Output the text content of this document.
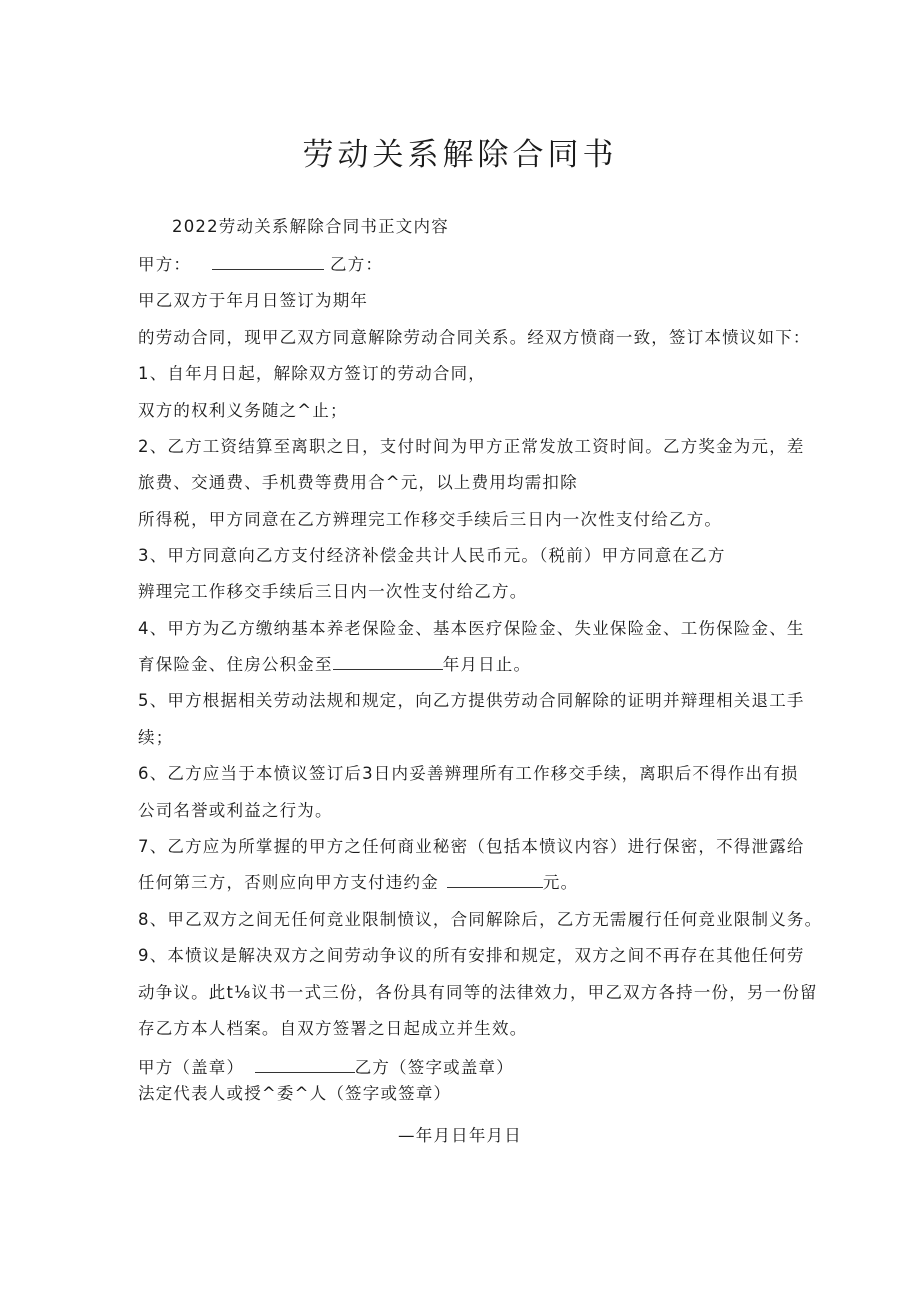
劳动关系解除合同书
2022劳动关系解除合同书正文内容
甲方：	乙方：
甲乙双方于年月日签订为期年
的劳动合同，现甲乙双方同意解除劳动合同关系。经双方愤商一致，签订本愤议如下：
1、自年月日起，解除双方签订的劳动合同，
双方的权利义务随之^止；
2、乙方工资结算至离职之日，支付时间为甲方正常发放工资时间。乙方奖金为元，差
旅费、交通费、手机费等费用合^元，以上费用均需扣除
所得税，甲方同意在乙方辨理完工作移交手续后三日内一次性支付给乙方。
3、甲方同意向乙方支付经济补偿金共计人民币元。（税前）甲方同意在乙方
辨理完工作移交手续后三日内一次性支付给乙方。
4、甲方为乙方缴纳基本养老保险金、基本医疗保险金、失业保险金、工伤保险金、生
育保险金、住房公积金至	年月日止。
5、甲方根据相关劳动法规和规定，向乙方提供劳动合同解除的证明并辩理相关退工手
续；
6、乙方应当于本愤议签订后3日内妥善辨理所有工作移交手续，离职后不得作出有损
公司名誉或利益之行为。
7、乙方应为所掌握的甲方之任何商业秘密（包括本愤议内容）进行保密，不得泄露给
任何第三方，否则应向甲方支付违约金	元。
8、甲乙双方之间无任何竞业限制愤议，合同解除后，乙方无需履行任何竞业限制义务。
9、本愤议是解决双方之间劳动争议的所有安排和规定，双方之间不再存在其他任何劳
动争议。此t⅛议书一式三份，各份具有同等的法律效力，甲乙双方各持一份，另一份留
存乙方本人档案。自双方签署之日起成立并生效。
甲方（盖章）	乙方（签字或盖章）
法定代表人或授^委^人（签字或签章）
—年月日年月日
